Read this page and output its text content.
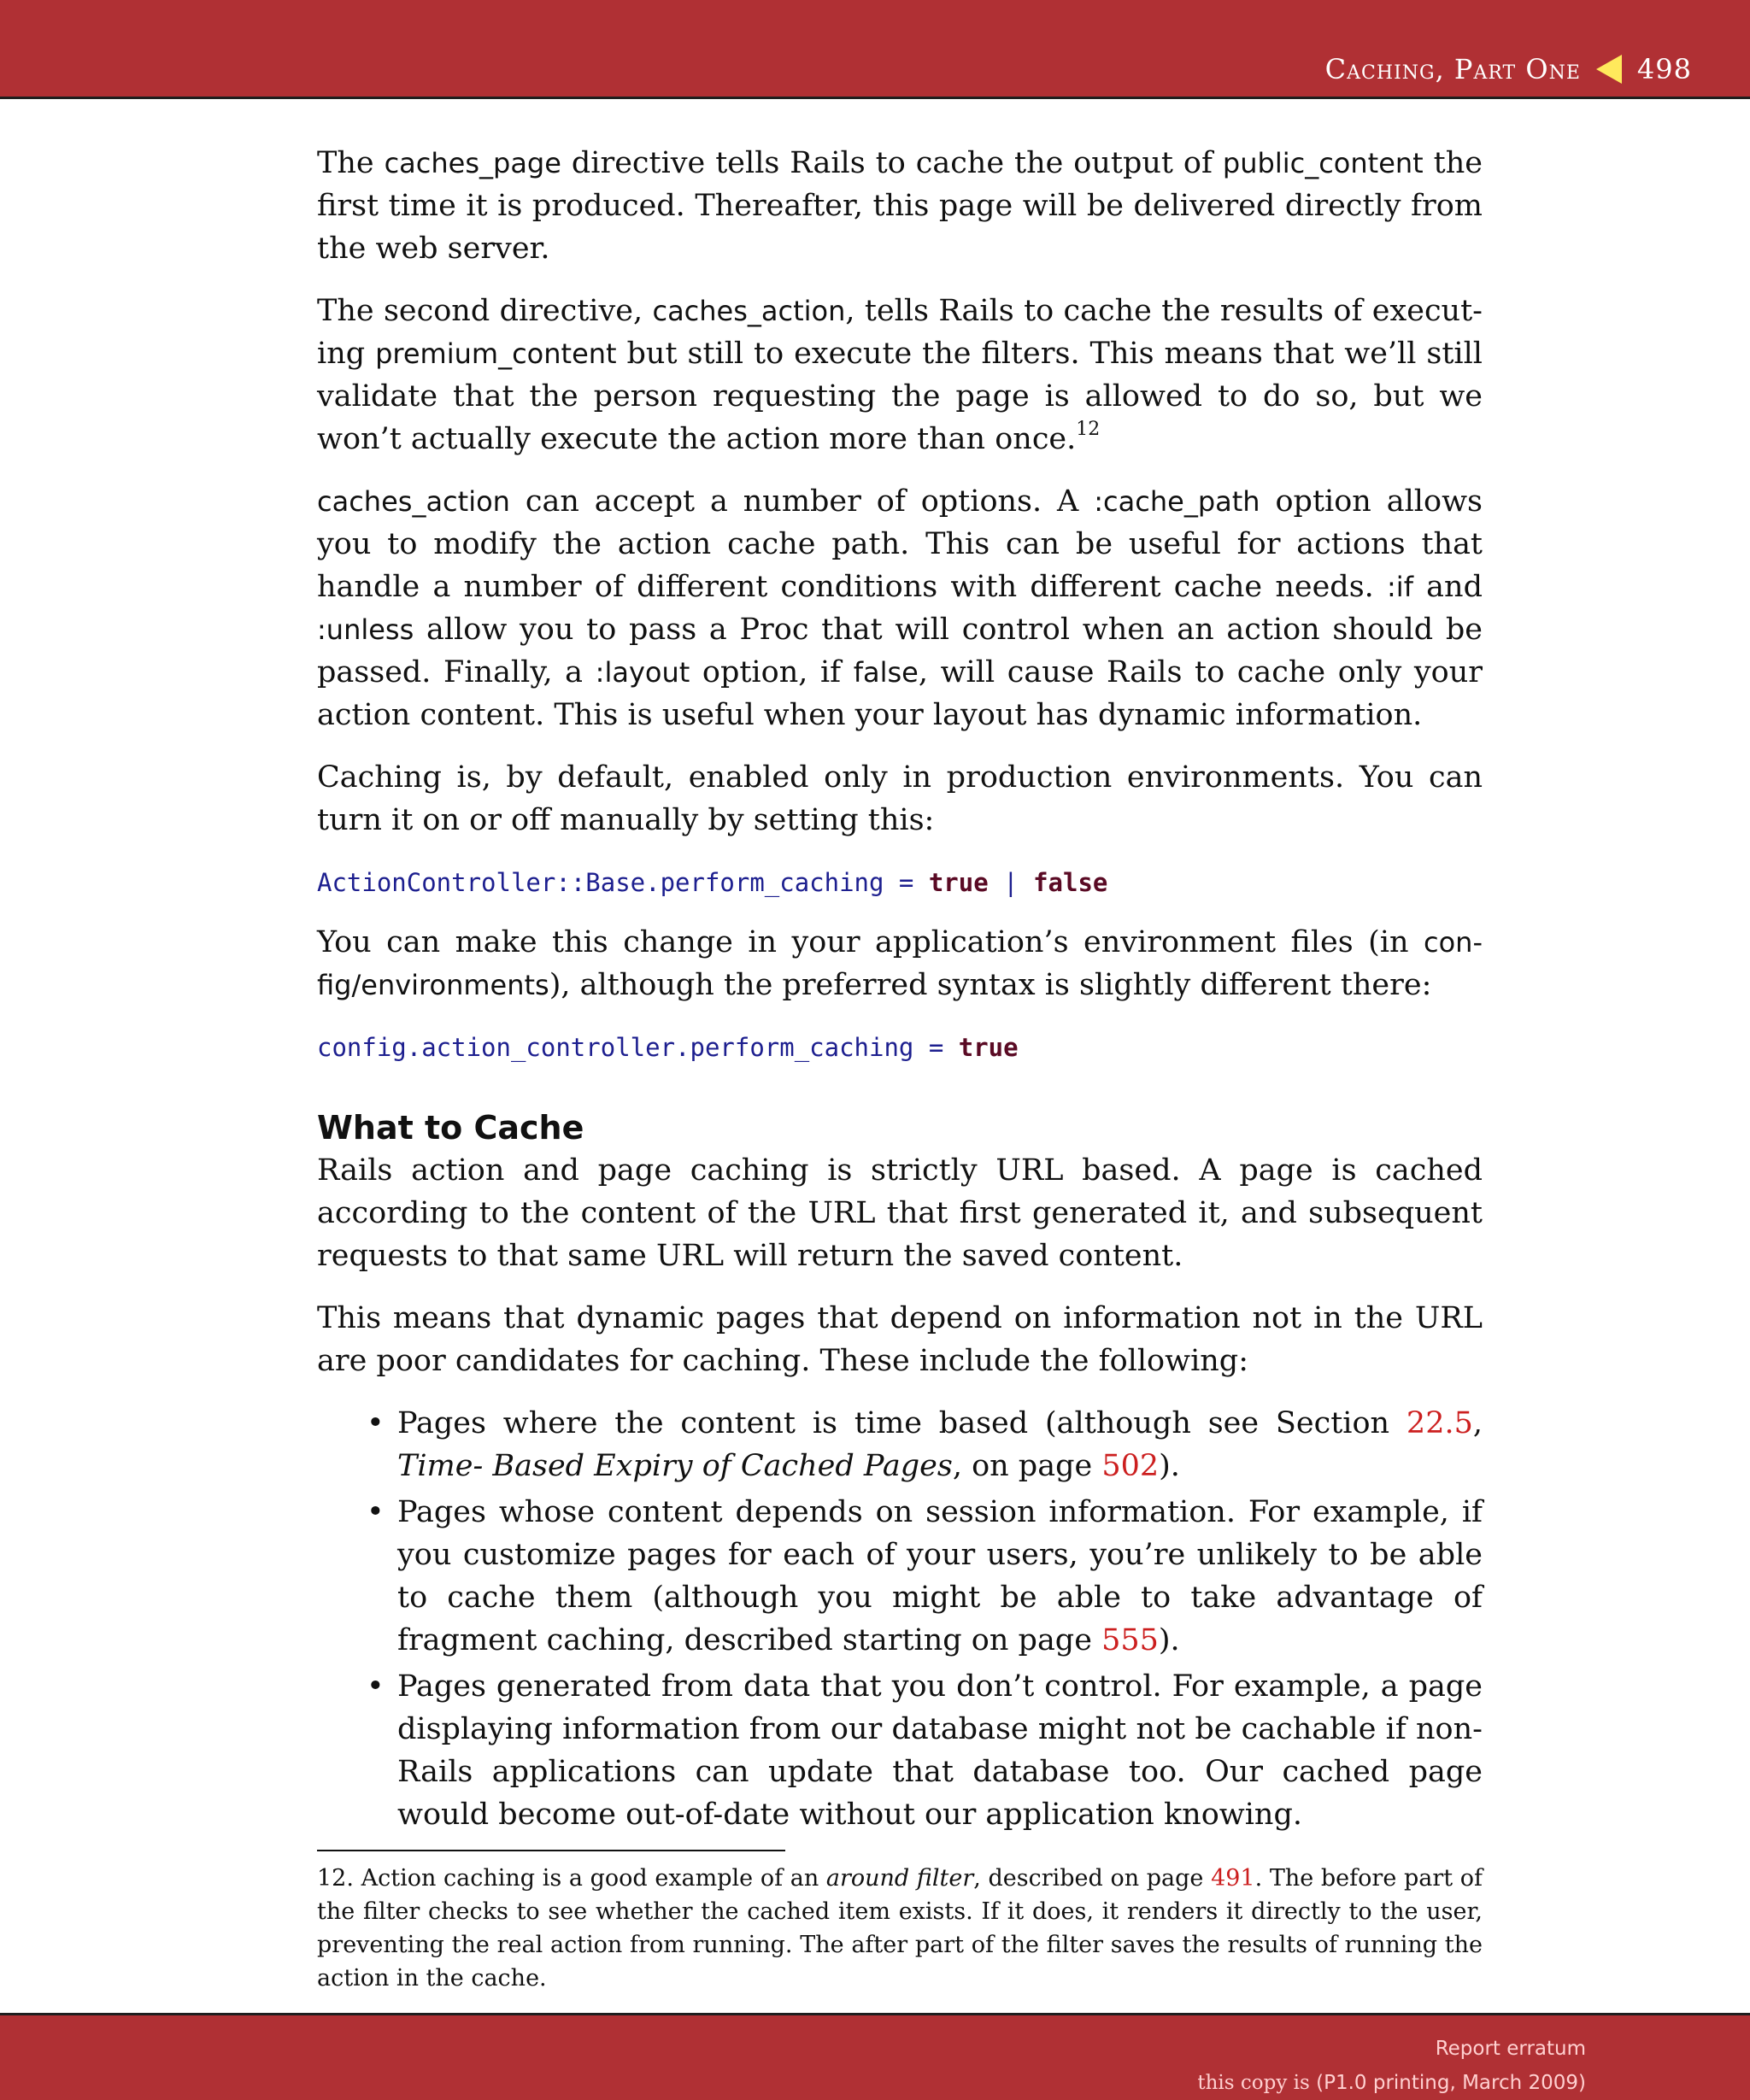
Caching, Part One 498

The caches_page directive tells Rails to cache the output of public_content the first time it is produced. Thereafter, this page will be delivered directly from the web server.

The second directive, caches_action, tells Rails to cache the results of execut- ing premium_content but still to execute the filters. This means that we’ll still validate that the person requesting the page is allowed to do so, but we won’t actually execute the action more than once.$^{12}$

caches_action can accept a number of options. A :cache_path option allows you to modify the action cache path. This can be useful for actions that handle a number of different conditions with different cache needs. :if and :unless allow you to pass a Proc that will control when an action should be passed. Finally, a :layout option, if false, will cause Rails to cache only your action content. This is useful when your layout has dynamic information.

Caching is, by default, enabled only in production environments. You can turn it on or off manually by setting this:

ActionController::Base.perform_caching = true | false

You can make this change in your application’s environment files (in con- fig/environments), although the preferred syntax is slightly different there:

config.action_controller.perform_caching = true
What to Cache

Rails action and page caching is strictly URL based. A page is cached according to the content of the URL that first generated it, and subsequent requests to that same URL will return the saved content.

This means that dynamic pages that depend on information not in the URL are poor candidates for caching. These include the following:

• Pages where the content is time based (although see Section 22.5, Time- Based Expiry of Cached Pages, on page 502).
• Pages whose content depends on session information. For example, if you customize pages for each of your users, you’re unlikely to be able to cache them (although you might be able to take advantage of fragment caching, described starting on page 555).
• Pages generated from data that you don’t control. For example, a page displaying information from our database might not be cachable if non- Rails applications can update that database too. Our cached page would become out-of-date without our application knowing.
12. Action caching is a good example of an around filter, described on page 491. The before part of the filter checks to see whether the cached item exists. If it does, it renders it directly to the user, preventing the real action from running. The after part of the filter saves the results of running the action in the cache.
Report erratum
this copy is (P1.0 printing, March 2009)
